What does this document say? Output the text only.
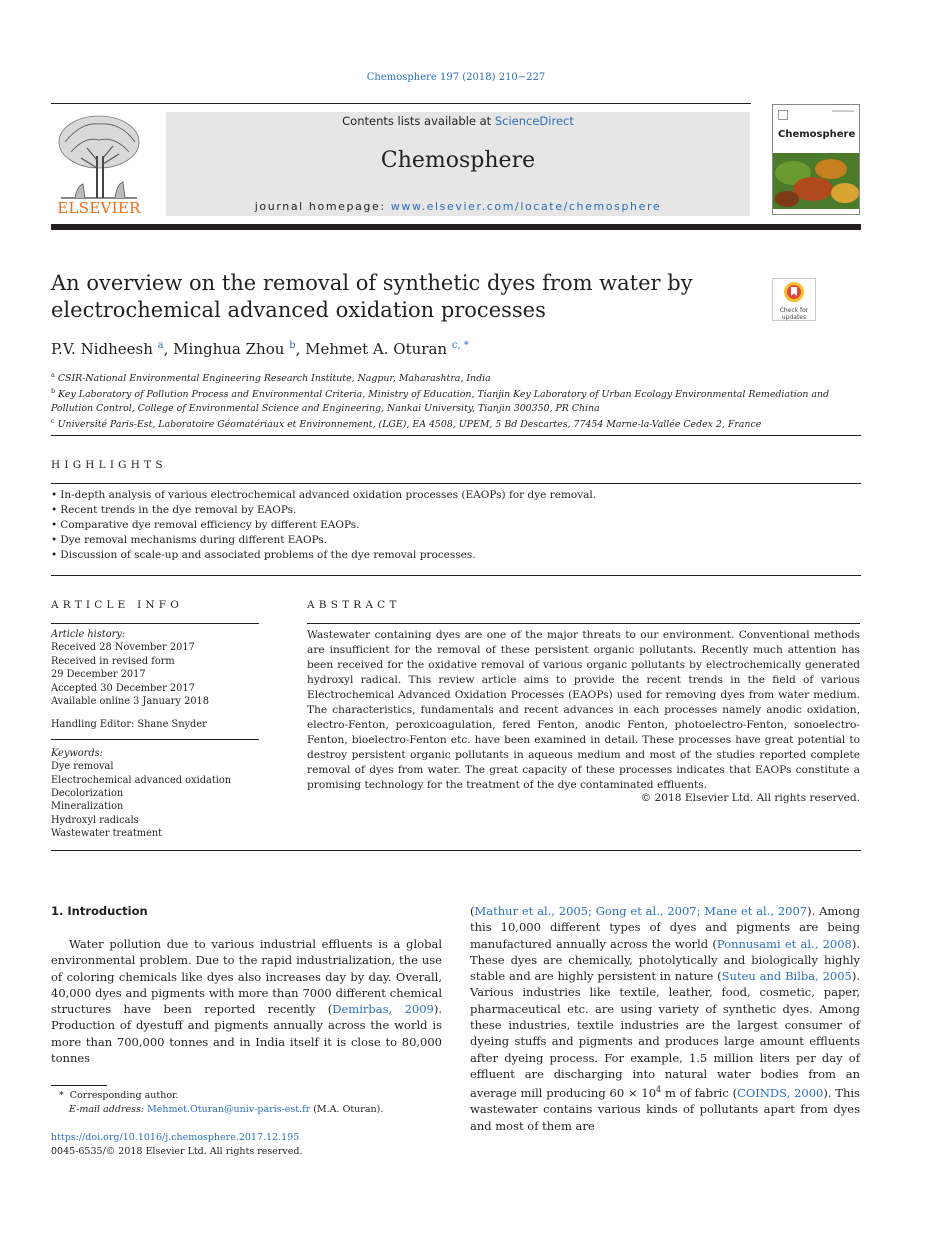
Chemosphere 197 (2018) 210−227
ELSEVIER
Contents lists available at ScienceDirect
Chemosphere
journal homepage: www.elsevier.com/locate/chemosphere
Chemosphere
An overview on the removal of synthetic dyes from water by electrochemical advanced oxidation processes	Check for updates
P.V. Nidheesh $^a$, Minghua Zhou $^b$, Mehmet A. Oturan $^{c, *}$
$^a$ CSIR-National Environmental Engineering Research Institute, Nagpur, Maharashtra, India
$^b$ Key Laboratory of Pollution Process and Environmental Criteria, Ministry of Education, Tianjin Key Laboratory of Urban Ecology Environmental Remediation and Pollution Control, College of Environmental Science and Engineering, Nankai University, Tianjin 300350, PR China
$^c$ Université Paris-Est, Laboratoire Géomatériaux et Environnement, (LGE), EA 4508, UPEM, 5 Bd Descartes, 77454 Marne-la-Vallée Cedex 2, France
HIGHLIGHTS
• In-depth analysis of various electrochemical advanced oxidation processes (EAOPs) for dye removal.
• Recent trends in the dye removal by EAOPs.
• Comparative dye removal efficiency by different EAOPs.
• Dye removal mechanisms during different EAOPs.
• Discussion of scale-up and associated problems of the dye removal processes.
ARTICLE INFO
Article history:
Received 28 November 2017
Received in revised form
29 December 2017
Accepted 30 December 2017
Available online 3 January 2018
Handling Editor: Shane Snyder
Keywords:
Dye removal
Electrochemical advanced oxidation
Decolorization
Mineralization
Hydroxyl radicals
Wastewater treatment
ABSTRACT
Wastewater containing dyes are one of the major threats to our environment. Conventional methods are insufficient for the removal of these persistent organic pollutants. Recently much attention has been received for the oxidative removal of various organic pollutants by electrochemically generated hydroxyl radical. This review article aims to provide the recent trends in the field of various Electrochemical Advanced Oxidation Processes (EAOPs) used for removing dyes from water medium. The characteristics, fundamentals and recent advances in each processes namely anodic oxidation, electro-Fenton, peroxicoagulation, fered Fenton, anodic Fenton, photoelectro-Fenton, sonoelectro-Fenton, bioelectro-Fenton etc. have been examined in detail. These processes have great potential to destroy persistent organic pollutants in aqueous medium and most of the studies reported complete removal of dyes from water. The great capacity of these processes indicates that EAOPs constitute a promising technology for the treatment of the dye contaminated effluents.
© 2018 Elsevier Ltd. All rights reserved.
1. Introduction
Water pollution due to various industrial effluents is a global environmental problem. Due to the rapid industrialization, the use of coloring chemicals like dyes also increases day by day. Overall, 40,000 dyes and pigments with more than 7000 different chemical structures have been reported recently (Demirbas, 2009). Production of dyestuff and pigments annually across the world is more than 700,000 tonnes and in India itself it is close to 80,000 tonnes
(Mathur et al., 2005; Gong et al., 2007; Mane et al., 2007). Among this 10,000 different types of dyes and pigments are being manufactured annually across the world (Ponnusami et al., 2008). These dyes are chemically, photolytically and biologically highly stable and are highly persistent in nature (Suteu and Bilba, 2005). Various industries like textile, leather, food, cosmetic, paper, pharmaceutical etc. are using variety of synthetic dyes. Among these industries, textile industries are the largest consumer of dyeing stuffs and pigments and produces large amount effluents after dyeing process. For example, 1.5 million liters per day of effluent are discharging into natural water bodies from an average mill producing $60 \times 10^4$ m of fabric (COINDS, 2000). This wastewater contains various kinds of pollutants apart from dyes and most of them are
* Corresponding author.
E-mail address: Mehmet.Oturan@univ-paris-est.fr (M.A. Oturan).
https://doi.org/10.1016/j.chemosphere.2017.12.195
0045-6535/© 2018 Elsevier Ltd. All rights reserved.
